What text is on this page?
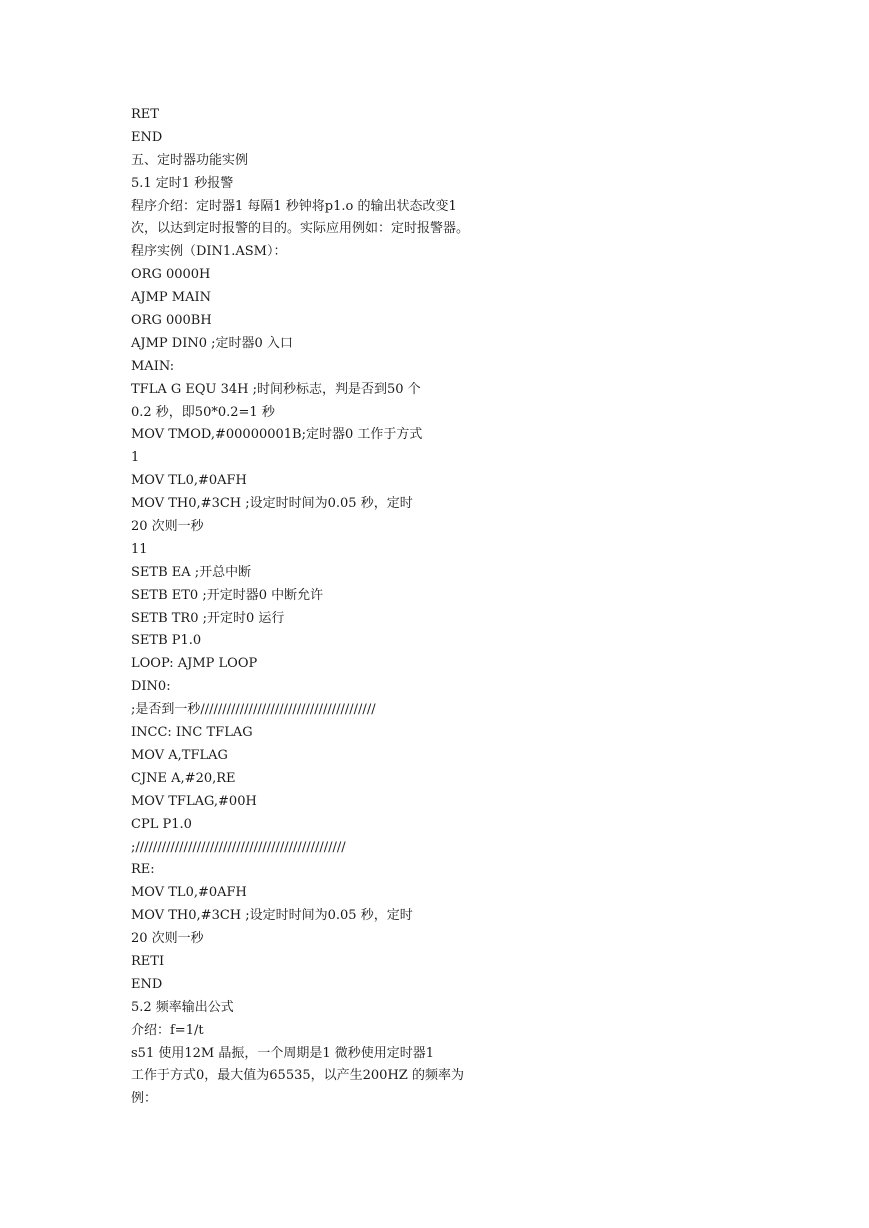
RET
END
五、定时器功能实例
5.1 定时1 秒报警
程序介绍：定时器1 每隔1 秒钟将p1.o 的输出状态改变1
次，以达到定时报警的目的。实际应用例如：定时报警器。
程序实例（DIN1.ASM）：
ORG 0000H
AJMP MAIN
ORG 000BH
AJMP DIN0 ;定时器0 入口
MAIN:
TFLA G EQU 34H ;时间秒标志，判是否到50 个
0.2 秒，即50*0.2=1 秒
MOV TMOD,#00000001B;定时器0 工作于方式
1
MOV TL0,#0AFH
MOV TH0,#3CH ;设定时时间为0.05 秒，定时
20 次则一秒
11
SETB EA ;开总中断
SETB ET0 ;开定时器0 中断允许
SETB TR0 ;开定时0 运行
SETB P1.0
LOOP: AJMP LOOP
DIN0:
;是否到一秒////////////////////////////////////////
INCC: INC TFLAG
MOV A,TFLAG
CJNE A,#20,RE
MOV TFLAG,#00H
CPL P1.0
;////////////////////////////////////////////////
RE:
MOV TL0,#0AFH
MOV TH0,#3CH ;设定时时间为0.05 秒，定时
20 次则一秒
RETI
END
5.2 频率输出公式
介绍：f=1/t
s51 使用12M 晶振，一个周期是1 微秒使用定时器1
工作于方式0，最大值为65535，以产生200HZ 的频率为
例：
